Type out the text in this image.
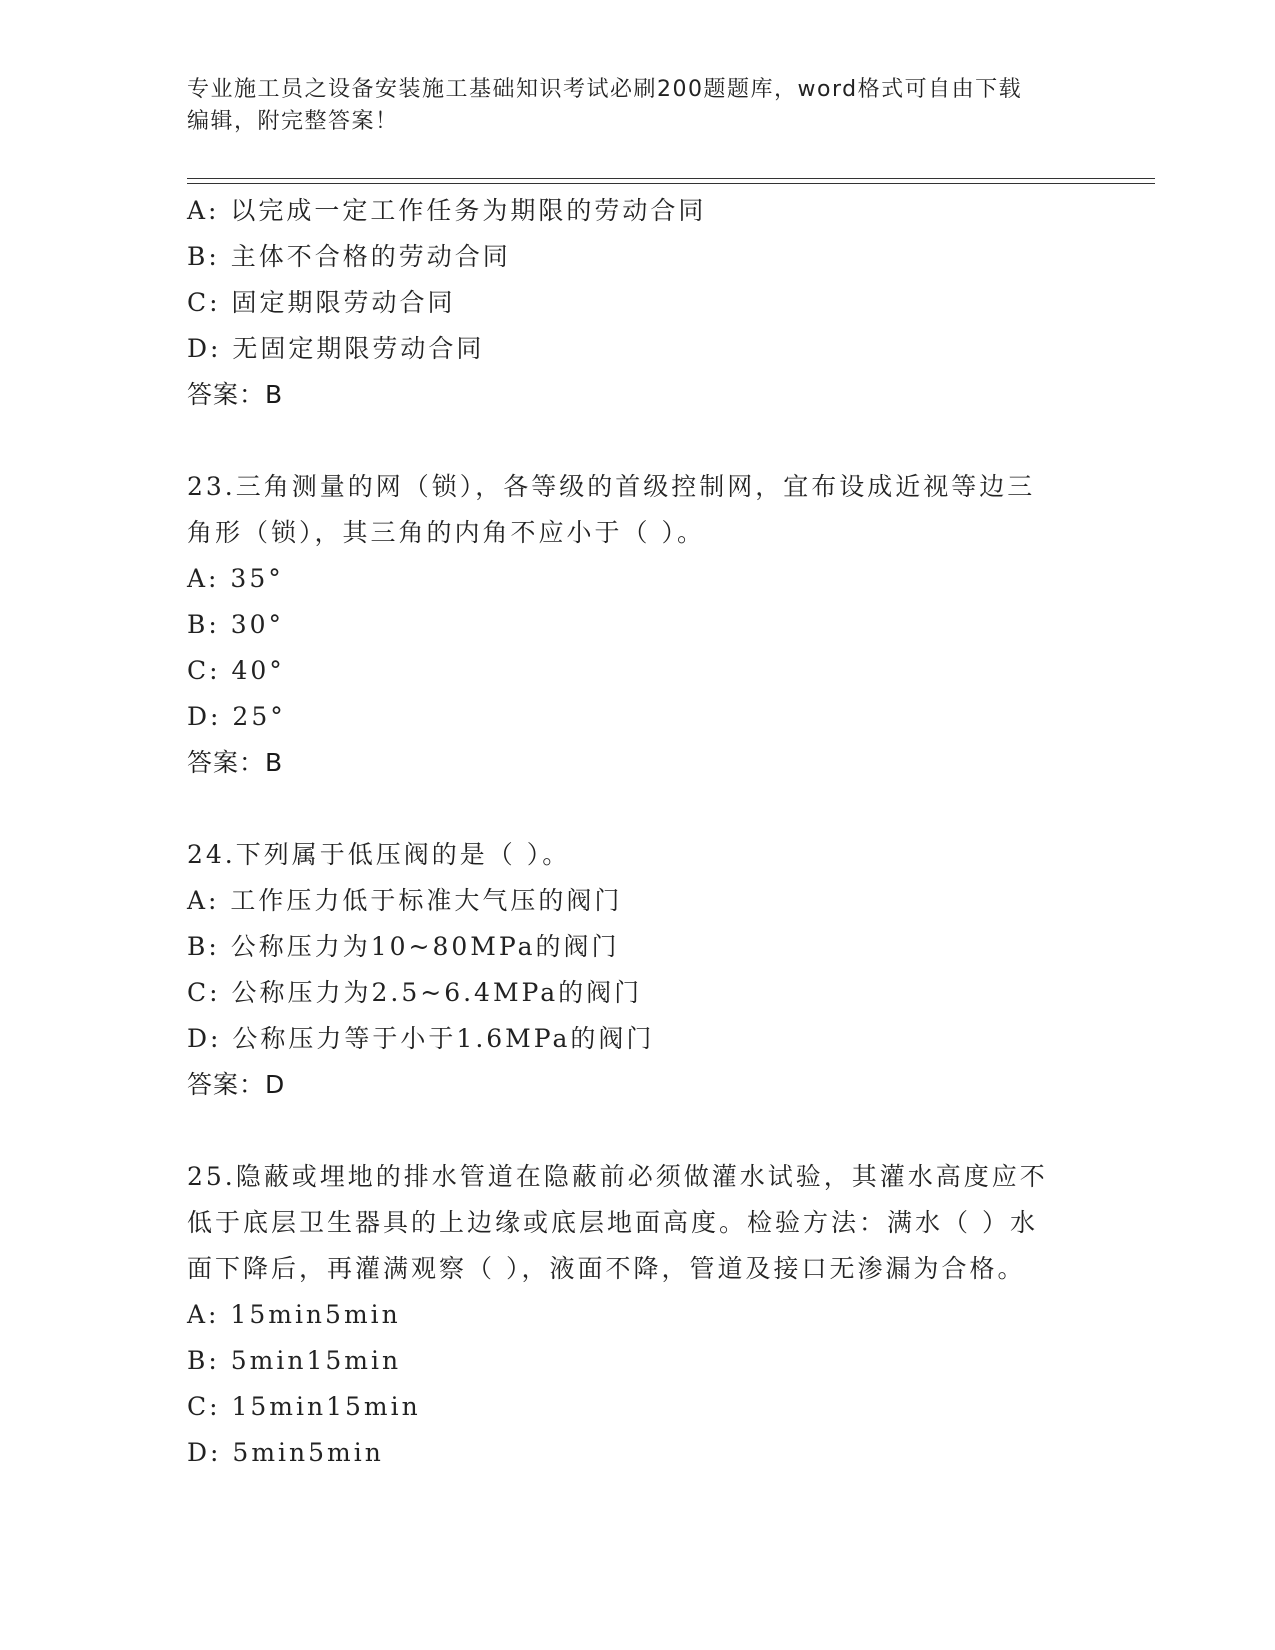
专业施工员之设备安装施工基础知识考试必刷200题题库，word格式可自由下载
编辑，附完整答案！
A: 以完成一定工作任务为期限的劳动合同
B: 主体不合格的劳动合同
C: 固定期限劳动合同
D: 无固定期限劳动合同
答案：B
23.三角测量的网（锁），各等级的首级控制网，宜布设成近视等边三
角形（锁），其三角的内角不应小于（ ）。
A: 35°
B: 30°
C: 40°
D: 25°
答案：B
24.下列属于低压阀的是（ ）。
A: 工作压力低于标准大气压的阀门
B: 公称压力为10~80MPa的阀门
C: 公称压力为2.5~6.4MPa的阀门
D: 公称压力等于小于1.6MPa的阀门
答案：D
25.隐蔽或埋地的排水管道在隐蔽前必须做灌水试验，其灌水高度应不
低于底层卫生器具的上边缘或底层地面高度。检验方法：满水（ ）水
面下降后，再灌满观察（ ），液面不降，管道及接口无渗漏为合格。
A: 15min5min
B: 5min15min
C: 15min15min
D: 5min5min
